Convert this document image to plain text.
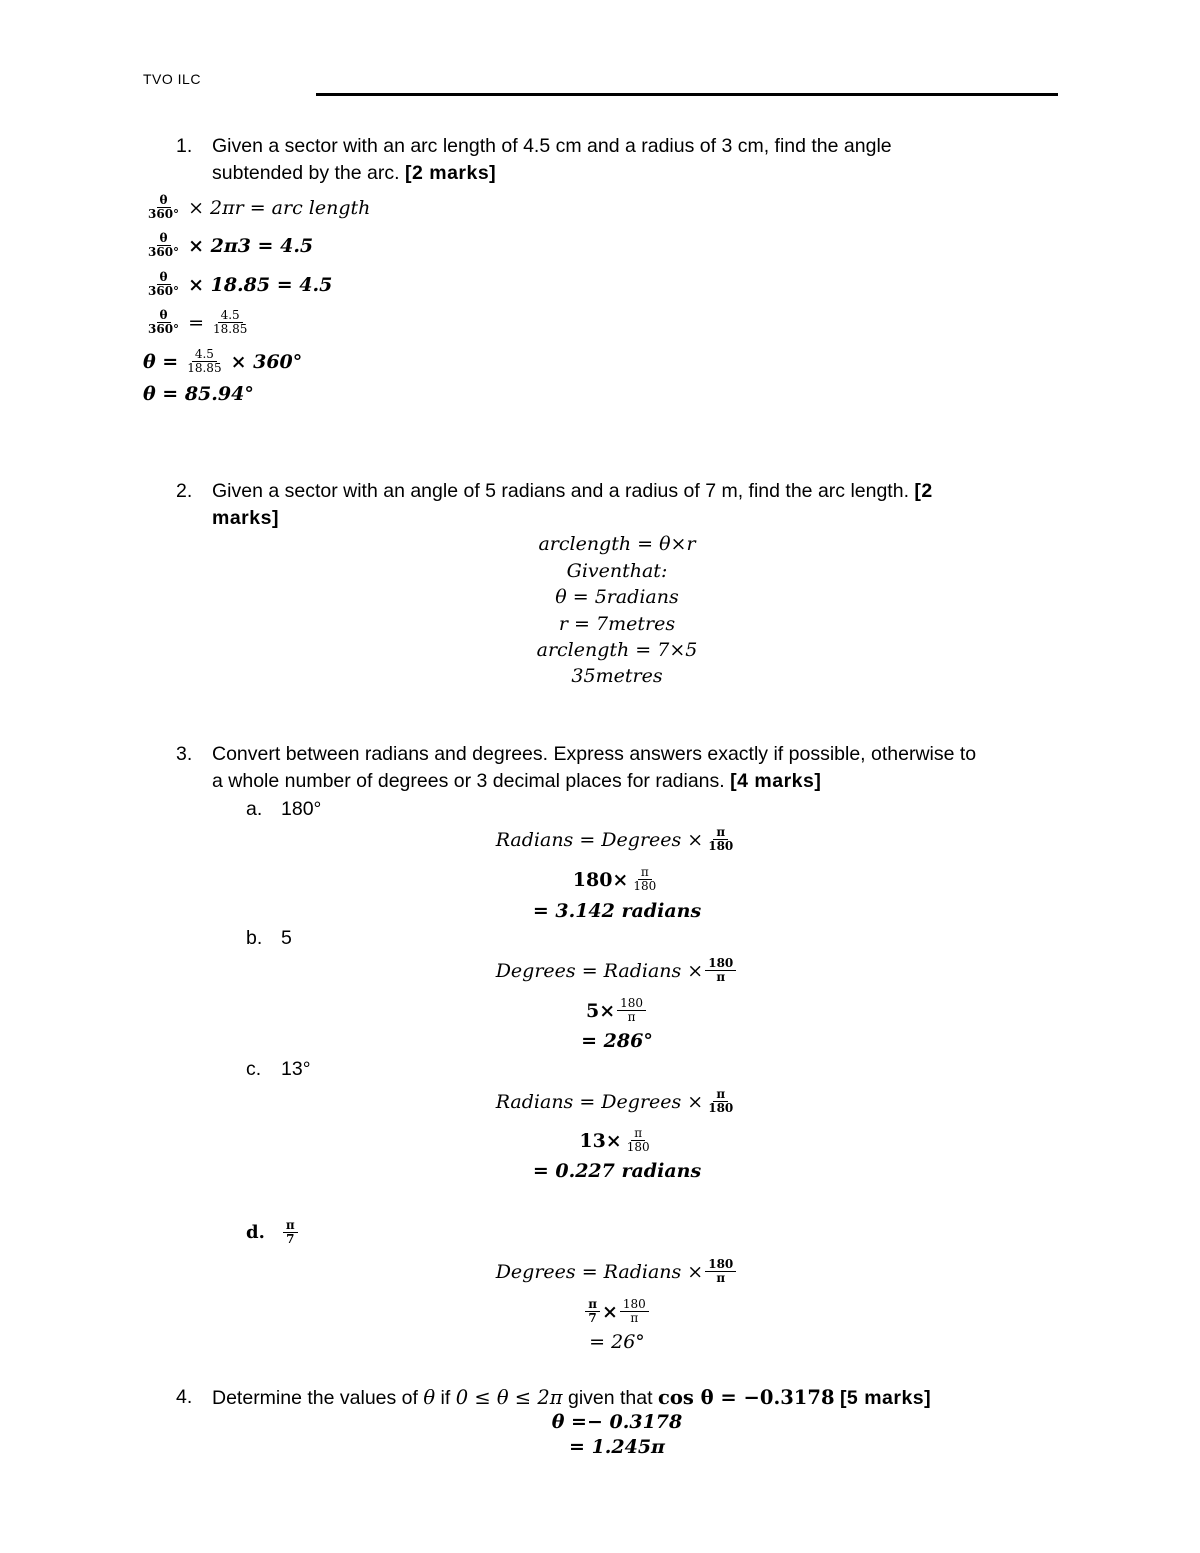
TVO ILC
1.	Given a sector with an arc length of 4.5 cm and a radius of 3 cm, find the angle
subtended by the arc. [2 marks]
$\frac{\theta}{360^\circ} \times 2\pi r$ = arc length
$\frac{\theta}{360^\circ} \times 2\pi 3 = 4.5$
$\frac{\theta}{360^\circ} \times 18.85 = 4.5$
$\frac{\theta}{360^\circ} = \frac{4.5}{18.85}$
$\theta = \frac{4.5}{18.85} \times 360^\circ$
θ = 85.94°
2.	Given a sector with an angle of 5 radians and a radius of 7 m, find the arc length. [2
marks]
arclength = θ×r
Giventhat:
θ = 5radians
r = 7metres
arclength = 7×5
35metres
3.	Convert between radians and degrees. Express answers exactly if possible, otherwise to
a whole number of degrees or 3 decimal places for radians. [4 marks]
a. 180°
Radians = Degrees × $\frac{\pi}{180}$
$180\times \frac{\pi}{180}$
= 3.142 radians
b. 5
Degrees = Radians × $\frac{180}{\pi}$
$5\times \frac{180}{\pi}$
= 286°
c.	13°
Radians = Degrees × $\frac{\pi}{180}$
$13\times \frac{\pi}{180}$
= 0.227 radians
d. $\frac{\pi}{7}$
Degrees = Radians × $\frac{180}{\pi}$
$\frac{\pi}{7} \times \frac{180}{\pi}$
= 26°
4.	Determine the values of θ if 0 ≤ θ ≤ 2π given that cos θ = −0.3178 [5 marks]
θ =− 0.3178
= 1.245π
